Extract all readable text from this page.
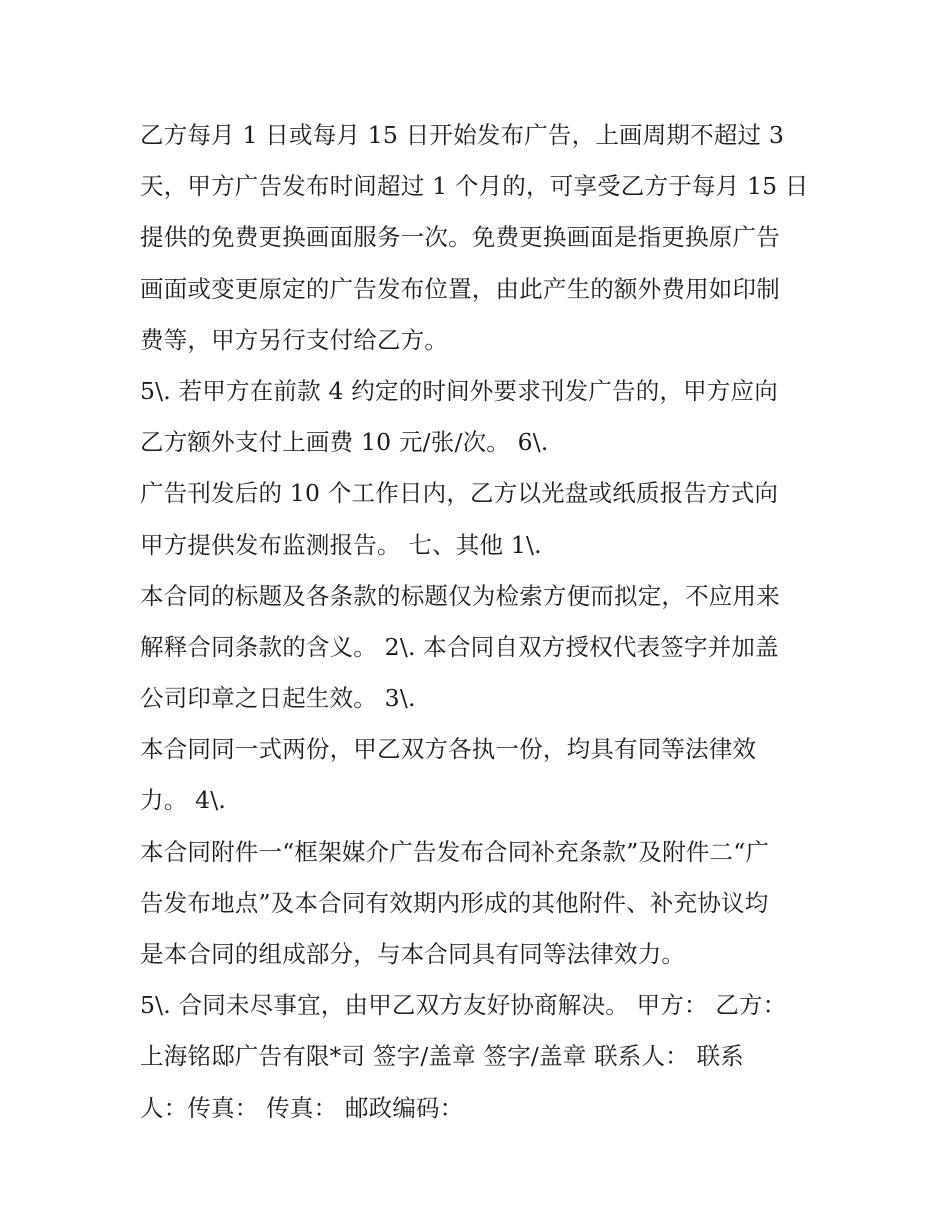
乙方每月 1 日或每月 15 日开始发布广告，上画周期不超过 3

天，甲方广告发布时间超过 1 个月的，可享受乙方于每月 15 日

提供的免费更换画面服务一次。免费更换画面是指更换原广告

画面或变更原定的广告发布位置，由此产生的额外费用如印制

费等，甲方另行支付给乙方。

5\. 若甲方在前款 4 约定的时间外要求刊发广告的，甲方应向

乙方额外支付上画费 10 元/张/次。 6\.

广告刊发后的 10 个工作日内，乙方以光盘或纸质报告方式向

甲方提供发布监测报告。 七、其他 1\.

本合同的标题及各条款的标题仅为检索方便而拟定，不应用来

解释合同条款的含义。 2\. 本合同自双方授权代表签字并加盖

公司印章之日起生效。 3\.

本合同同一式两份，甲乙双方各执一份，均具有同等法律效

力。 4\.

本合同附件一“框架媒介广告发布合同补充条款”及附件二“广

告发布地点”及本合同有效期内形成的其他附件、补充协议均

是本合同的组成部分，与本合同具有同等法律效力。

5\. 合同未尽事宜，由甲乙双方友好协商解决。 甲方： 乙方：

上海铭邸广告有限*司 签字/盖章 签字/盖章 联系人： 联系

人：传真： 传真： 邮政编码：
